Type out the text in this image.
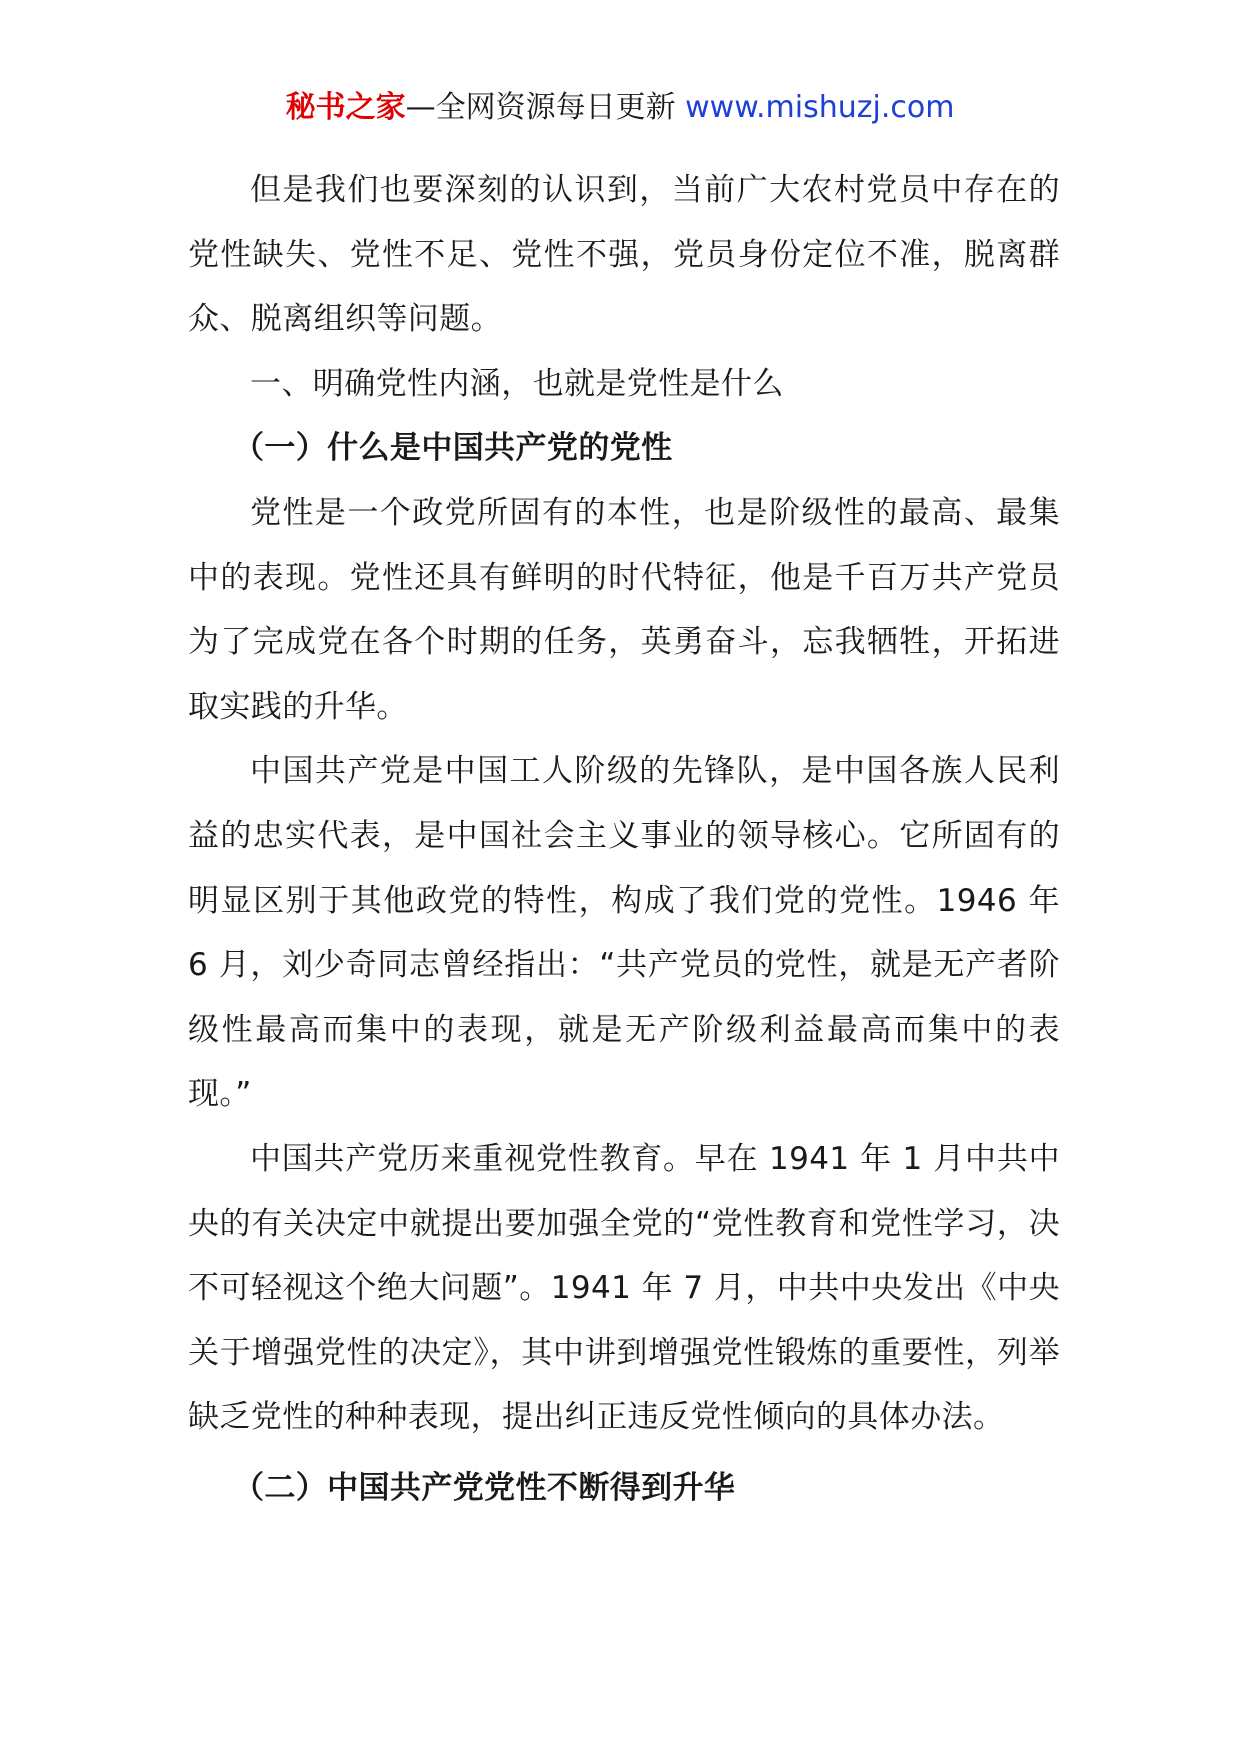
秘书之家—全网资源每日更新 www.mishuzj.com

但是我们也要深刻的认识到，当前广大农村党员中存在的党性缺失、党性不足、党性不强，党员身份定位不准，脱离群众、脱离组织等问题。

一、明确党性内涵，也就是党性是什么

（一）什么是中国共产党的党性

党性是一个政党所固有的本性，也是阶级性的最高、最集中的表现。党性还具有鲜明的时代特征，他是千百万共产党员为了完成党在各个时期的任务，英勇奋斗，忘我牺牲，开拓进取实践的升华。

中国共产党是中国工人阶级的先锋队，是中国各族人民利益的忠实代表，是中国社会主义事业的领导核心。它所固有的明显区别于其他政党的特性，构成了我们党的党性。1946 年 6 月，刘少奇同志曾经指出：“共产党员的党性，就是无产者阶级性最高而集中的表现，就是无产阶级利益最高而集中的表现。”

中国共产党历来重视党性教育。早在 1941 年 1 月中共中央的有关决定中就提出要加强全党的“党性教育和党性学习，决不可轻视这个绝大问题”。1941 年 7 月，中共中央发出《中央关于增强党性的决定》，其中讲到增强党性锻炼的重要性，列举缺乏党性的种种表现，提出纠正违反党性倾向的具体办法。

（二）中国共产党党性不断得到升华
